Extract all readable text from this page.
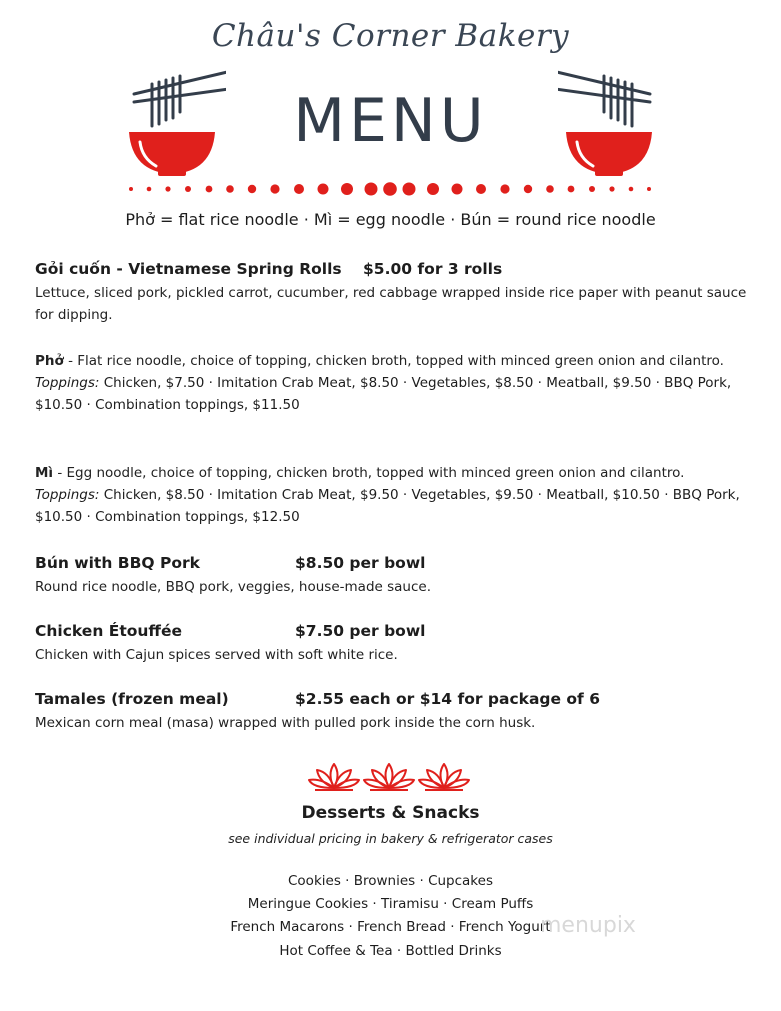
Châu's Corner Bakery
MENU
Phở = flat rice noodle · Mì = egg noodle · Bún = round rice noodle
Gỏi cuốn - Vietnamese Spring Rolls $5.00 for 3 rolls
Lettuce, sliced pork, pickled carrot, cucumber, red cabbage wrapped inside rice paper with peanut sauce for dipping.
Phở - Flat rice noodle, choice of topping, chicken broth, topped with minced green onion and cilantro.
Toppings: Chicken, $7.50 · Imitation Crab Meat, $8.50 · Vegetables, $8.50 · Meatball, $9.50 · BBQ Pork, $10.50 · Combination toppings, $11.50
Mì - Egg noodle, choice of topping, chicken broth, topped with minced green onion and cilantro.
Toppings: Chicken, $8.50 · Imitation Crab Meat, $9.50 · Vegetables, $9.50 · Meatball, $10.50 · BBQ Pork, $10.50 · Combination toppings, $12.50
Bún with BBQ Pork	$8.50 per bowl
Round rice noodle, BBQ pork, veggies, house-made sauce.
Chicken Étouffée	$7.50 per bowl
Chicken with Cajun spices served with soft white rice.
Tamales (frozen meal)	$2.55 each or $14 for package of 6
Mexican corn meal (masa) wrapped with pulled pork inside the corn husk.
Desserts & Snacks
see individual pricing in bakery & refrigerator cases
Cookies · Brownies · Cupcakes
Meringue Cookies · Tiramisu · Cream Puffs
French Macarons · French Bread · French Yogurt
Hot Coffee & Tea · Bottled Drinks
menupix
